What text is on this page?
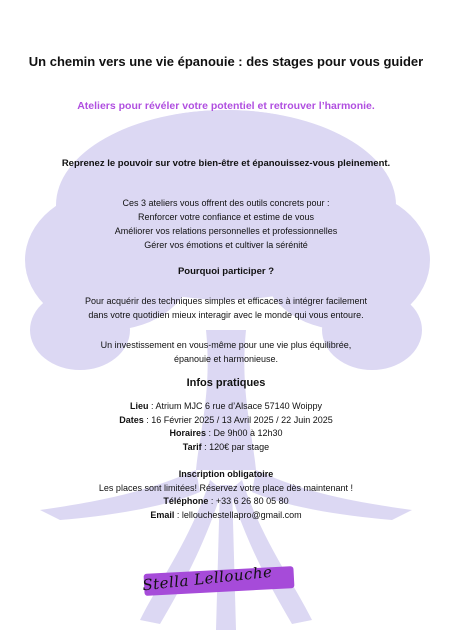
Un chemin vers une vie épanouie : des stages pour vous guider
Ateliers pour révéler votre potentiel et retrouver l’harmonie.
Reprenez le pouvoir sur votre bien-être et épanouissez-vous pleinement.
Ces 3 ateliers vous offrent des outils concrets pour :
Renforcer votre confiance et estime de vous
Améliorer vos relations personnelles et professionnelles
Gérer vos émotions et cultiver la sérénité
Pourquoi participer ?
Pour acquérir des techniques simples et efficaces à intégrer facilement
dans votre quotidien mieux interagir avec le monde qui vous entoure.
Un investissement en vous-même pour une vie plus équilibrée,
épanouie et harmonieuse.
Infos pratiques
Lieu : Atrium MJC 6 rue d’Alsace 57140 Woippy
Dates : 16 Février 2025 / 13 Avril 2025 / 22 Juin 2025
Horaires : De 9h00 à 12h30
Tarif : 120€ par stage
Inscription obligatoire
Les places sont limitées! Réservez votre place dès maintenant !
Téléphone : +33 6 26 80 05 80
Email : lellouchestellapro@gmail.com
Stella Lellouche
